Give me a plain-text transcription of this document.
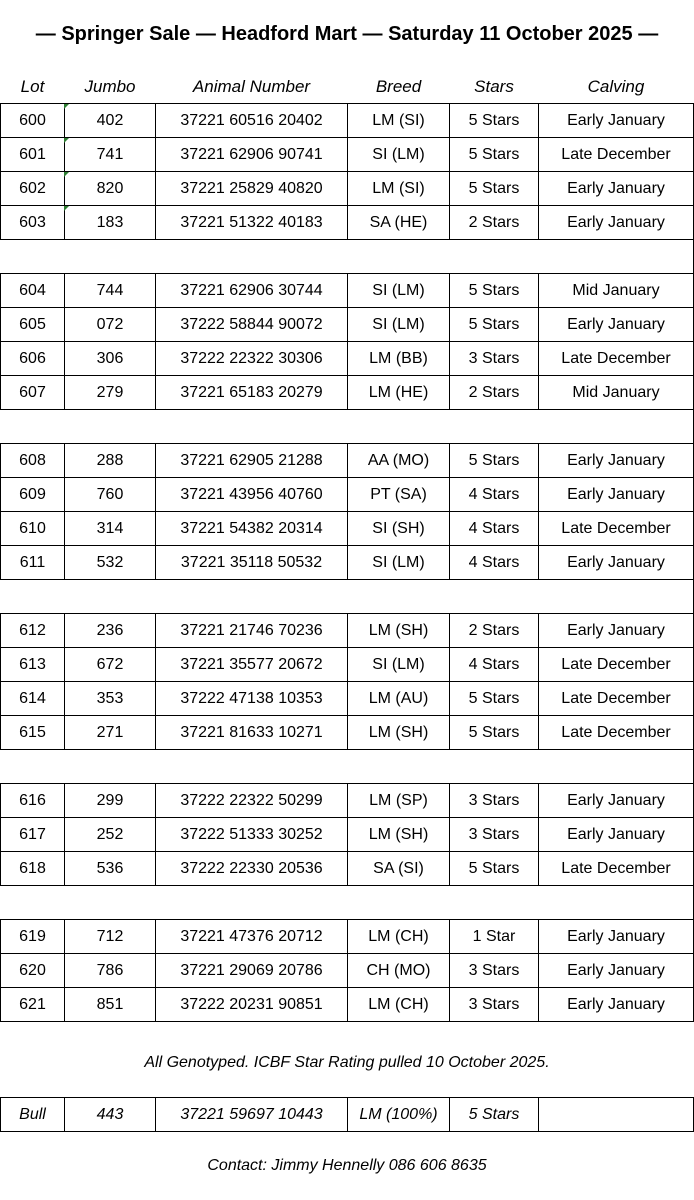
— Springer Sale — Headford Mart — Saturday 11 October 2025 —
Lot	Jumbo	Animal Number	Breed	Stars	Calving
600	402	37221 60516 20402	LM (SI)	5 Stars	Early January
601	741	37221 62906 90741	SI (LM)	5 Stars	Late December
602	820	37221 25829 40820	LM (SI)	5 Stars	Early January
603	183	37221 51322 40183	SA (HE)	2 Stars	Early January

604	744	37221 62906 30744	SI (LM)	5 Stars	Mid January
605	072	37222 58844 90072	SI (LM)	5 Stars	Early January
606	306	37222 22322 30306	LM (BB)	3 Stars	Late December
607	279	37221 65183 20279	LM (HE)	2 Stars	Mid January

608	288	37221 62905 21288	AA (MO)	5 Stars	Early January
609	760	37221 43956 40760	PT (SA)	4 Stars	Early January
610	314	37221 54382 20314	SI (SH)	4 Stars	Late December
611	532	37221 35118 50532	SI (LM)	4 Stars	Early January

612	236	37221 21746 70236	LM (SH)	2 Stars	Early January
613	672	37221 35577 20672	SI (LM)	4 Stars	Late December
614	353	37222 47138 10353	LM (AU)	5 Stars	Late December
615	271	37221 81633 10271	LM (SH)	5 Stars	Late December

616	299	37222 22322 50299	LM (SP)	3 Stars	Early January
617	252	37222 51333 30252	LM (SH)	3 Stars	Early January
618	536	37222 22330 20536	SA (SI)	5 Stars	Late December

619	712	37221 47376 20712	LM (CH)	1 Star	Early January
620	786	37221 29069 20786	CH (MO)	3 Stars	Early January
621	851	37222 20231 90851	LM (CH)	3 Stars	Early January
All Genotyped. ICBF Star Rating pulled 10 October 2025.
Bull	443	37221 59697 10443	LM (100%)	5 Stars	
Contact: Jimmy Hennelly 086 606 8635
